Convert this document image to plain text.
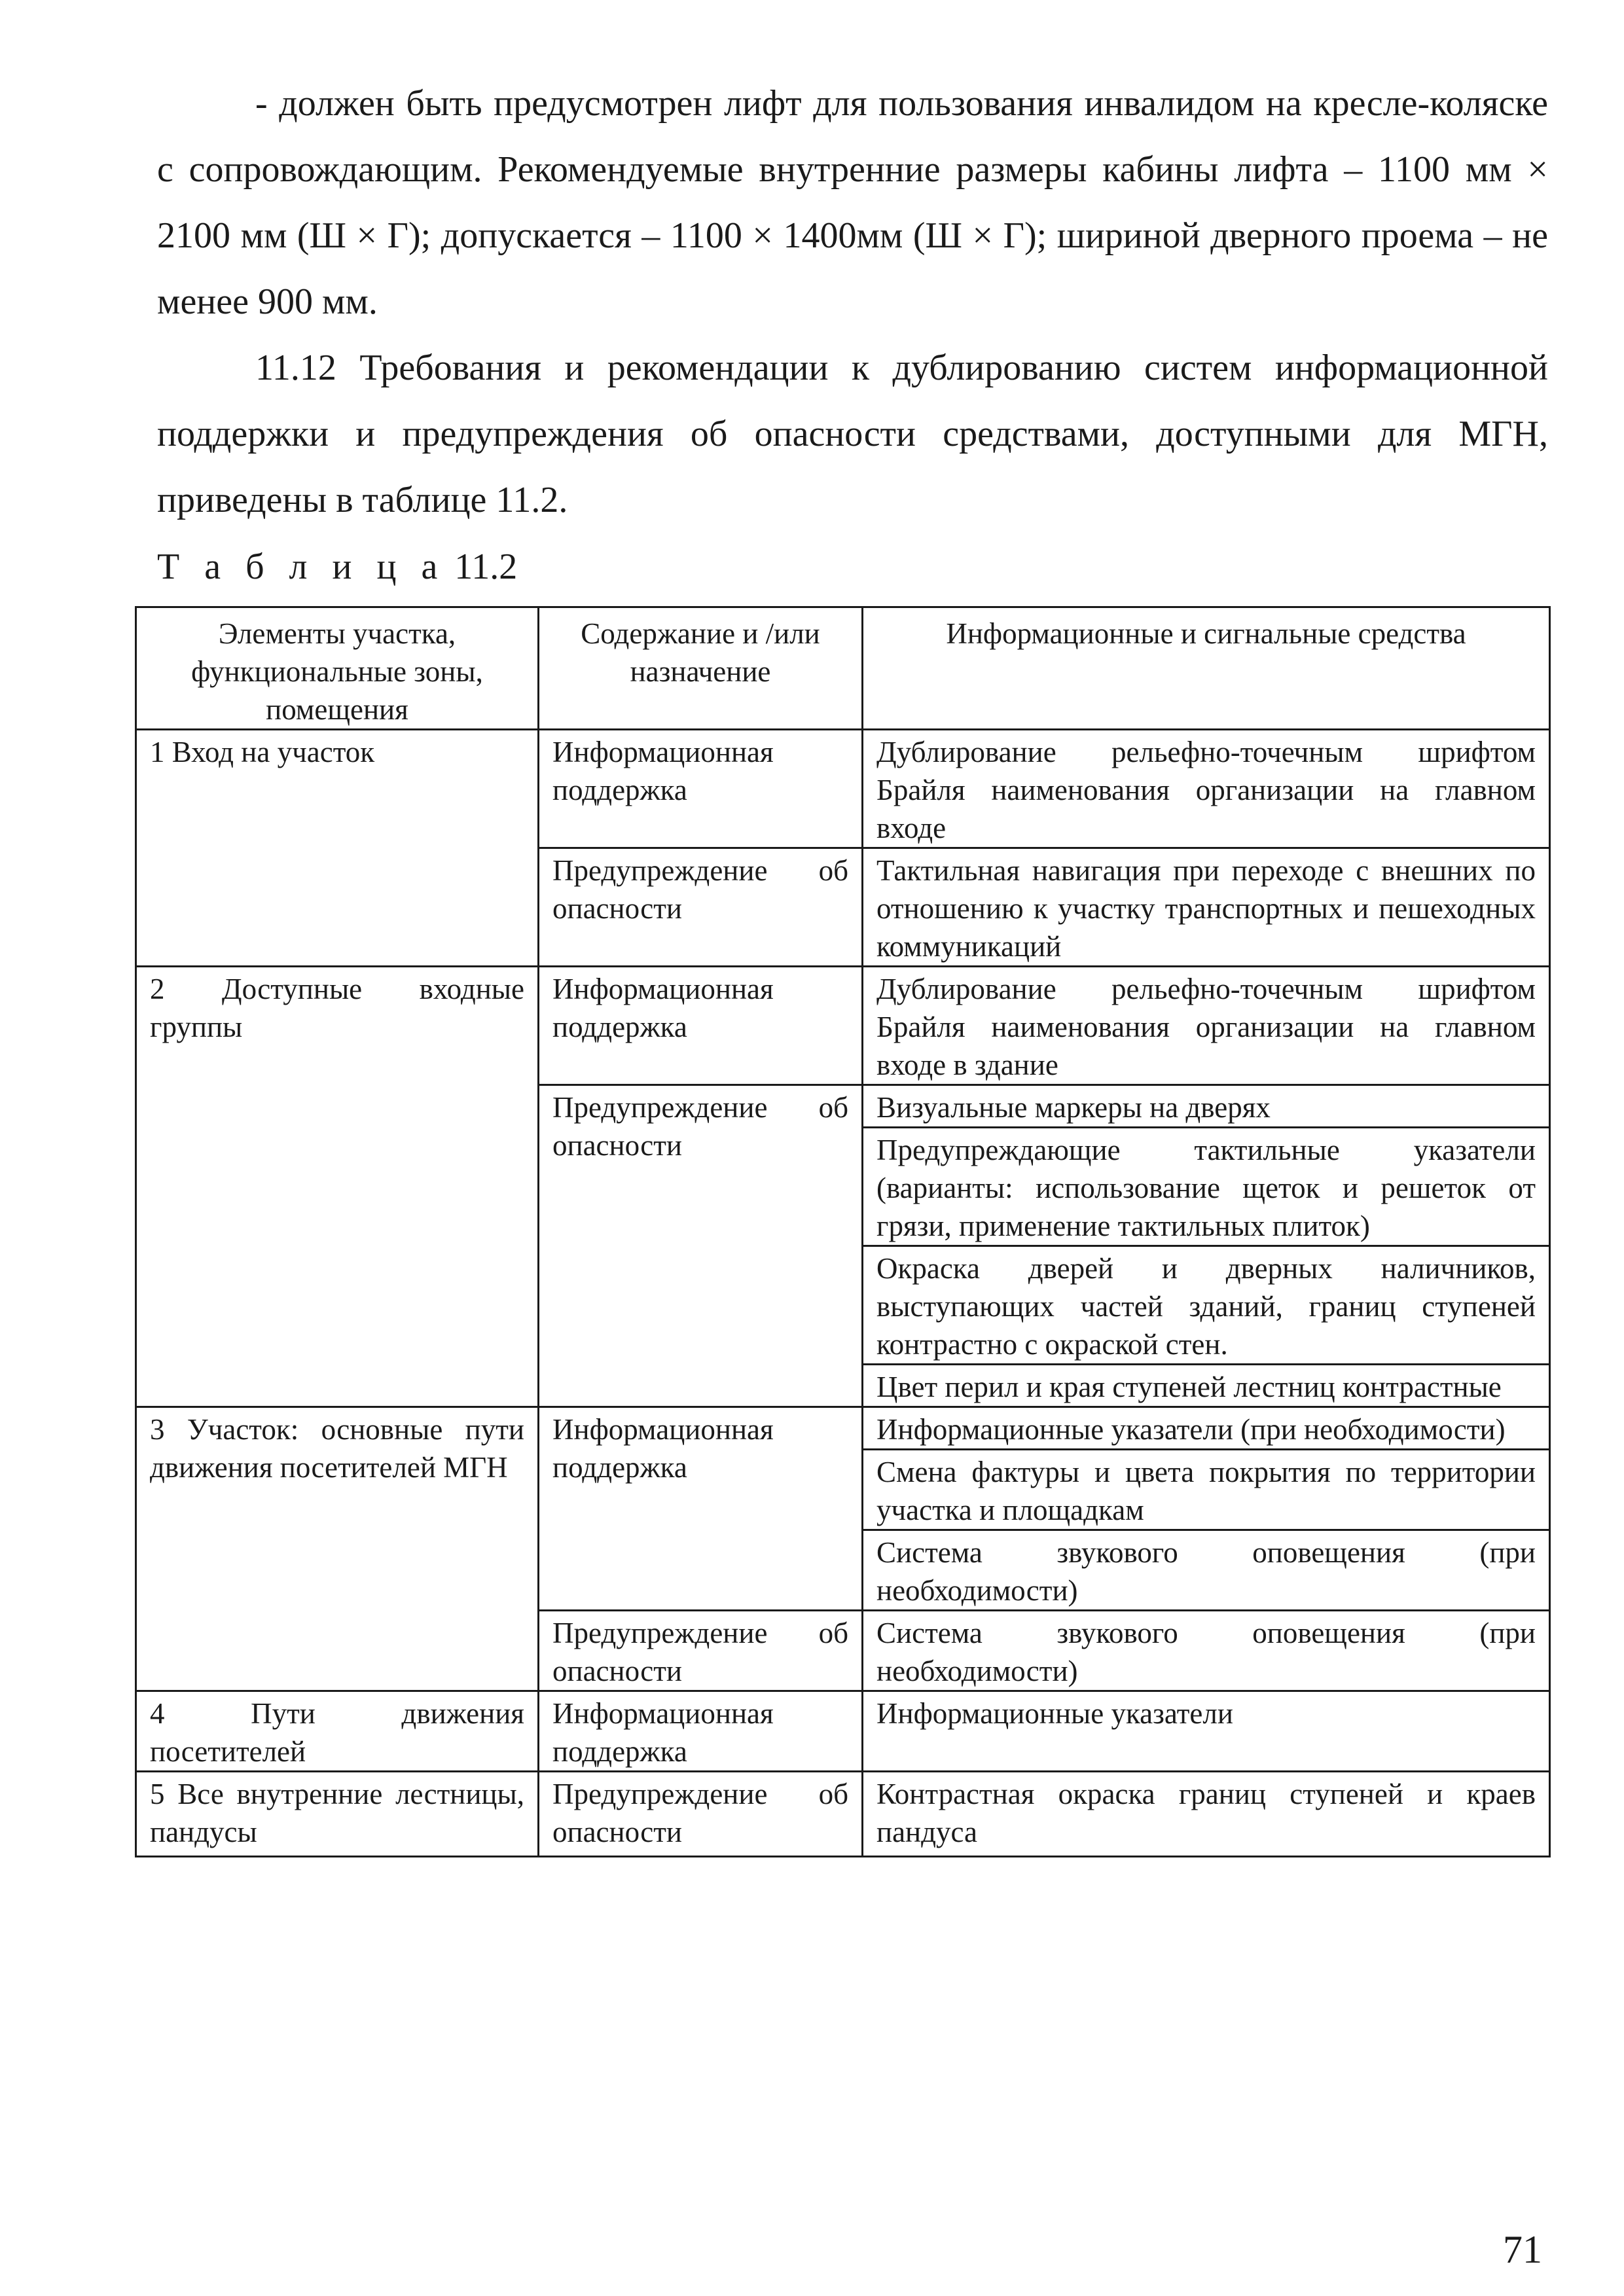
- должен быть предусмотрен лифт для пользования инвалидом на кресле-коляске с сопровождающим. Рекомендуемые внутренние размеры кабины лифта – 1100 мм × 2100 мм (Ш × Г); допускается – 1100 × 1400мм (Ш × Г); шириной дверного проема – не менее 900 мм.

11.12 Требования и рекомендации к дублированию систем информационной поддержки и предупреждения об опасности средствами, доступными для МГН, приведены в таблице 11.2.

Т а б л и ц а 11.2
Элементы участка, функциональные зоны, помещения	Содержание и /или назначение	Информационные и сигнальные средства
1 Вход на участок	Информационная поддержка	Дублирование рельефно-точечным шрифтом Брайля наименования организации на главном входе
	Предупреждение об опасности	Тактильная навигация при переходе с внешних по отношению к участку транспортных и пешеходных коммуникаций
2 Доступные входные группы	Информационная поддержка	Дублирование рельефно-точечным шрифтом Брайля наименования организации на главном входе в здание
	Предупреждение об опасности	Визуальные маркеры на дверях
		Предупреждающие тактильные указатели (варианты: использование щеток и решеток от грязи, применение тактильных плиток)
		Окраска дверей и дверных наличников, выступающих частей зданий, границ ступеней контрастно с окраской стен.
		Цвет перил и края ступеней лестниц контрастные
3 Участок: основные пути движения посетителей МГН	Информационная поддержка	Информационные указатели (при необходимости)
		Смена фактуры и цвета покрытия по территории участка и площадкам
		Система звукового оповещения (при необходимости)
	Предупреждение об опасности	Система звукового оповещения (при необходимости)
4 Пути движения посетителей	Информационная поддержка	Информационные указатели
5 Все внутренние лестницы, пандусы	Предупреждение об опасности	Контрастная окраска границ ступеней и краев пандуса
71
